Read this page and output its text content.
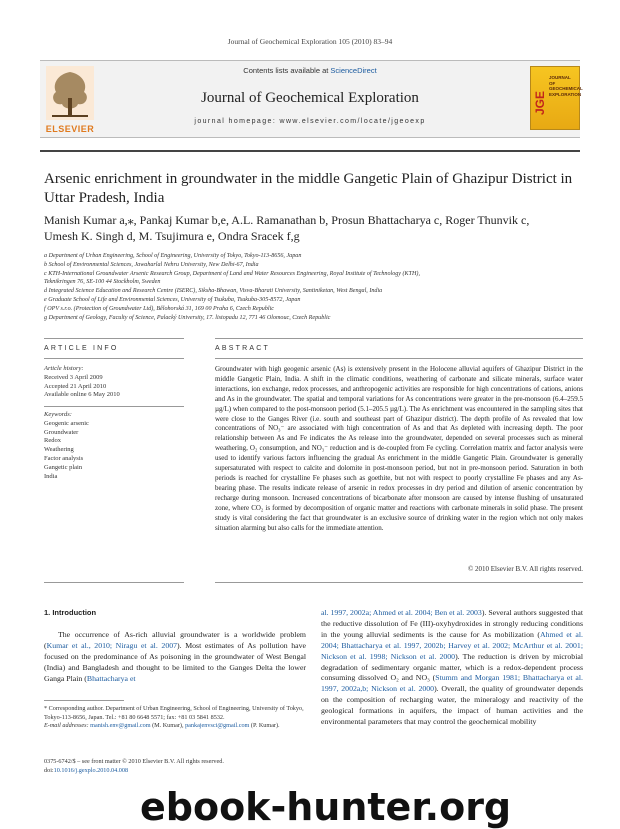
Journal of Geochemical Exploration 105 (2010) 83–94
ELSEVIER
Contents lists available at ScienceDirect
Journal of Geochemical Exploration
journal homepage: www.elsevier.com/locate/jgeoexp
JGE
JOURNAL OF GEOCHEMICAL EXPLORATION
Arsenic enrichment in groundwater in the middle Gangetic Plain of Ghazipur District in Uttar Pradesh, India
Manish Kumar a,⁎, Pankaj Kumar b,e, A.L. Ramanathan b, Prosun Bhattacharya c, Roger Thunvik c,
Umesh K. Singh d, M. Tsujimura e, Ondra Sracek f,g
a Department of Urban Engineering, School of Engineering, University of Tokyo, Tokyo-113-8656, Japan
b School of Environmental Sciences, Jawaharlal Nehru University, New Delhi-67, India
c KTH-International Groundwater Arsenic Research Group, Department of Land and Water Resources Engineering, Royal Institute of Technology (KTH),
Teknikringen 76, SE-100 44 Stockholm, Sweden
d Integrated Science Education and Research Centre (ISERC), Siksha-Bhawan, Visva-Bharati University, Santiniketan, West Bengal, India
e Graduate School of Life and Environmental Sciences, University of Tsukuba, Tsukuba-305-8572, Japan
f OPV s.r.o. (Protection of Groundwater Ltd), Bělohorská 31, 169 00 Praha 6, Czech Republic
g Department of Geology, Faculty of Science, Palacký University, 17. listopadu 12, 771 46 Olomouc, Czech Republic
ARTICLE INFO	ABSTRACT
Article history:
Received 3 April 2009
Accepted 21 April 2010
Available online 6 May 2010
Keywords:
Geogenic arsenic
Groundwater
Redox
Weathering
Factor analysis
Gangetic plain
India
Groundwater with high geogenic arsenic (As) is extensively present in the Holocene alluvial aquifers of Ghazipur District in the middle Gangetic Plain, India. A shift in the climatic conditions, weathering of carbonate and silicate minerals, surface water interactions, ion exchange, redox processes, and anthropogenic activities are responsible for high concentrations of cations, anions and As in the groundwater. The spatial and temporal variations for As concentrations were greater in the pre-monsoon (6.4–259.5 µg/L) when compared to the post-monsoon period (5.1–205.5 µg/L). The As enrichment was encountered in the sampling sites that were close to the Ganges River (i.e. south and southeast part of Ghazipur district). The depth profile of As revealed that low concentrations of NO₃⁻ are associated with high concentration of As and that As depleted with increasing depth. The poor relationship between As and Fe indicates the As release into the groundwater, depended on several processes such as mineral weathering, O₂ consumption, and NO₃⁻ reduction and is de-coupled from Fe cycling. Correlation matrix and factor analysis were used to identify various factors influencing the gradual As enrichment in the middle Gangetic Plain. Groundwater is generally supersaturated with respect to calcite and dolomite in post-monsoon period, but not in pre-monsoon period. Saturation in both periods is reached for crystalline Fe phases such as goethite, but not with respect to poorly crystalline Fe phases and any As-bearing phase. The results indicate release of arsenic in redox processes in dry period and dilution of arsenic concentration by recharge during monsoon. Increased concentrations of bicarbonate after monsoon are caused by intense flushing of unsaturated zone, where CO₂ is formed by decomposition of organic matter and reactions with carbonate minerals in solid phase. The present study is vital considering the fact that groundwater is an exclusive source of drinking water in the region which not only makes situation alarming but also calls for the immediate attention.
© 2010 Elsevier B.V. All rights reserved.
1. Introduction
The occurrence of As-rich alluvial groundwater is a worldwide problem (Kumar et al., 2010; Niragu et al. 2007). Most estimates of As pollution have focused on the predominance of As poisoning in the groundwater of West Bengal (India) and Bangladesh and thought to be limited to the Ganges Delta the lower Ganga Plain (Bhattacharya et
al. 1997, 2002a; Ahmed et al. 2004; Ben et al. 2003). Several authors suggested that the reductive dissolution of Fe (III)-oxyhydroxides in strongly reducing conditions in the young alluvial sediments is the cause for As mobilization (Ahmed et al. 2004; Bhattacharya et al. 1997, 2002b; Harvey et al. 2002; McArthur et al. 2001; Nickson et al. 1998; Nickson et al. 2000). The reduction is driven by microbial degradation of sedimentary organic matter, which is a redox-dependent process consuming dissolved O₂ and NO₃ (Stumm and Morgan 1981; Bhattacharya et al. 1997, 2002a,b; Nickson et al. 2000). Overall, the quality of groundwater depends on the composition of recharging water, the mineralogy and reactivity of the geological formations in aquifers, the impact of human activities and the environmental parameters that may control the geochemical mobility
* Corresponding author. Department of Urban Engineering, School of Engineering, University of Tokyo, Tokyo-113-8656, Japan. Tel.: +81 80 6648 5571; fax: +81 03 5841 8532.
E-mail addresses: manish.env@gmail.com (M. Kumar), pankajenvsci@gmail.com (P. Kumar).
0375-6742/$ – see front matter © 2010 Elsevier B.V. All rights reserved.
doi:10.1016/j.gexplo.2010.04.008
ebook-hunter.org
